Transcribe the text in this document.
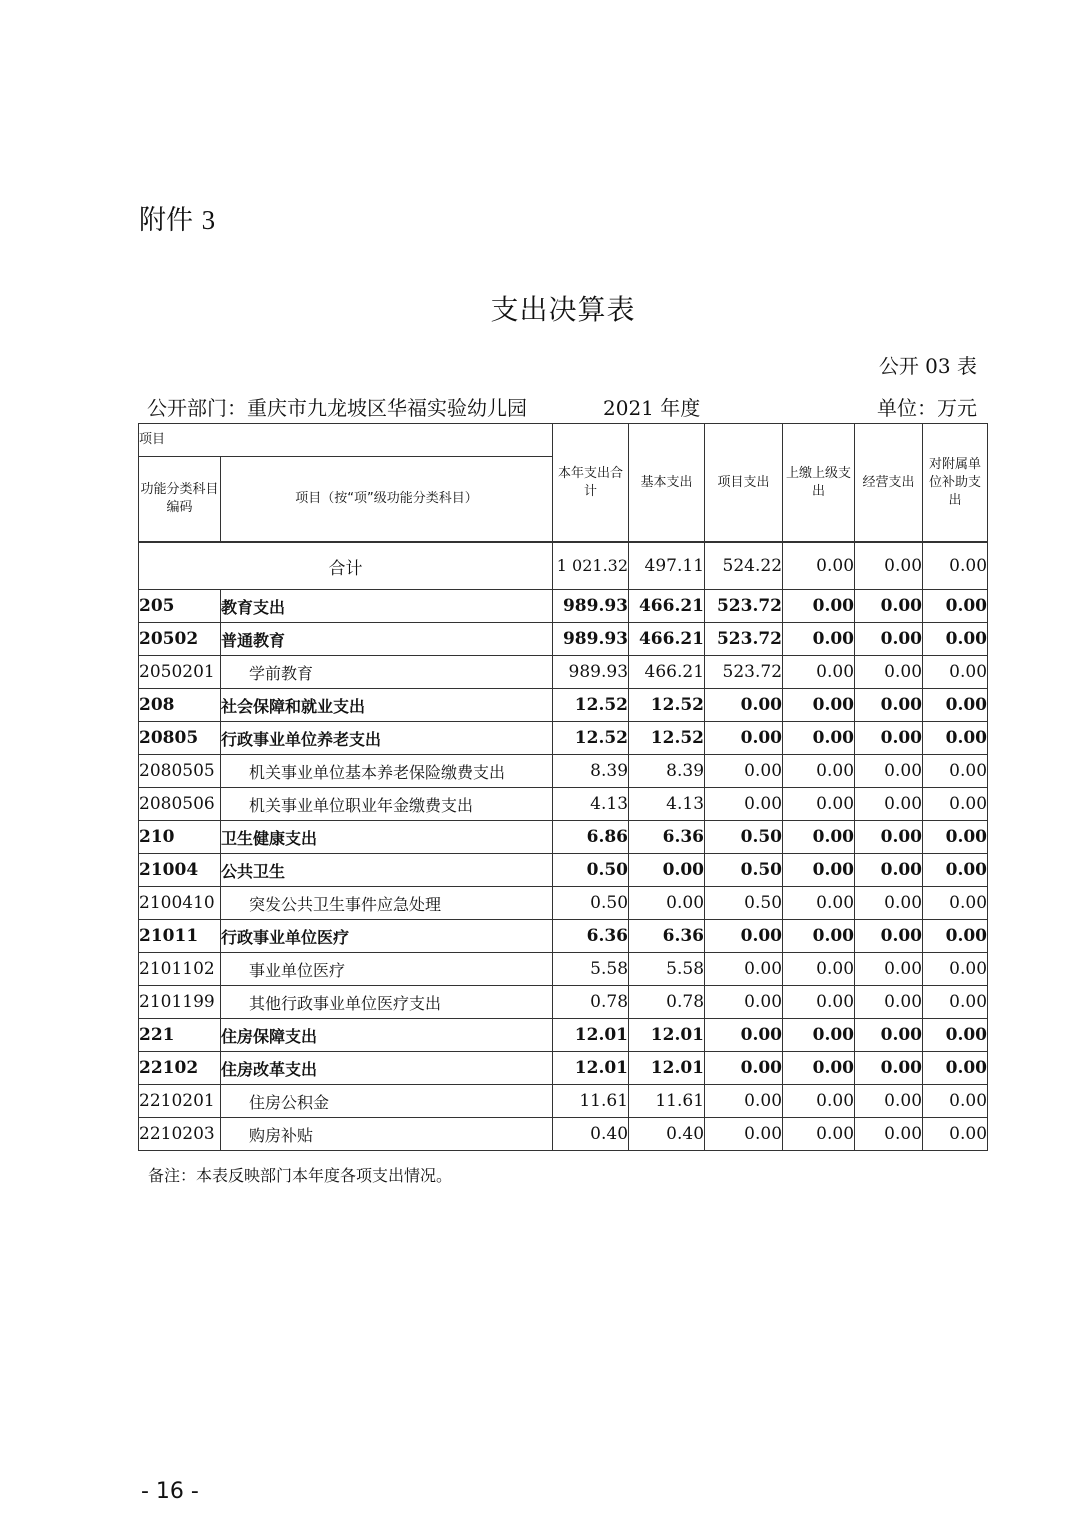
附件 3
支出决算表
公开 03 表
公开部门：重庆市九龙坡区华福实验幼儿园	2021 年度	单位：万元
项目		本年支出合计	基本支出	项目支出	上缴上级支出	经营支出	对附属单位补助支出
功能分类科目编码	项目（按“项”级功能分类科目）						

合计		1 021.32	497.11	524.22	0.00	0.00	0.00
205	教育支出	989.93	466.21	523.72	0.00	0.00	0.00
20502	普通教育	989.93	466.21	523.72	0.00	0.00	0.00
2050201	学前教育	989.93	466.21	523.72	0.00	0.00	0.00
208	社会保障和就业支出	12.52	12.52	0.00	0.00	0.00	0.00
20805	行政事业单位养老支出	12.52	12.52	0.00	0.00	0.00	0.00
2080505	机关事业单位基本养老保险缴费支出	8.39	8.39	0.00	0.00	0.00	0.00
2080506	机关事业单位职业年金缴费支出	4.13	4.13	0.00	0.00	0.00	0.00
210	卫生健康支出	6.86	6.36	0.50	0.00	0.00	0.00
21004	公共卫生	0.50	0.00	0.50	0.00	0.00	0.00
2100410	突发公共卫生事件应急处理	0.50	0.00	0.50	0.00	0.00	0.00
21011	行政事业单位医疗	6.36	6.36	0.00	0.00	0.00	0.00
2101102	事业单位医疗	5.58	5.58	0.00	0.00	0.00	0.00
2101199	其他行政事业单位医疗支出	0.78	0.78	0.00	0.00	0.00	0.00
221	住房保障支出	12.01	12.01	0.00	0.00	0.00	0.00
22102	住房改革支出	12.01	12.01	0.00	0.00	0.00	0.00
2210201	住房公积金	11.61	11.61	0.00	0.00	0.00	0.00
2210203	购房补贴	0.40	0.40	0.00	0.00	0.00	0.00
备注：本表反映部门本年度各项支出情况。
- 16 -
